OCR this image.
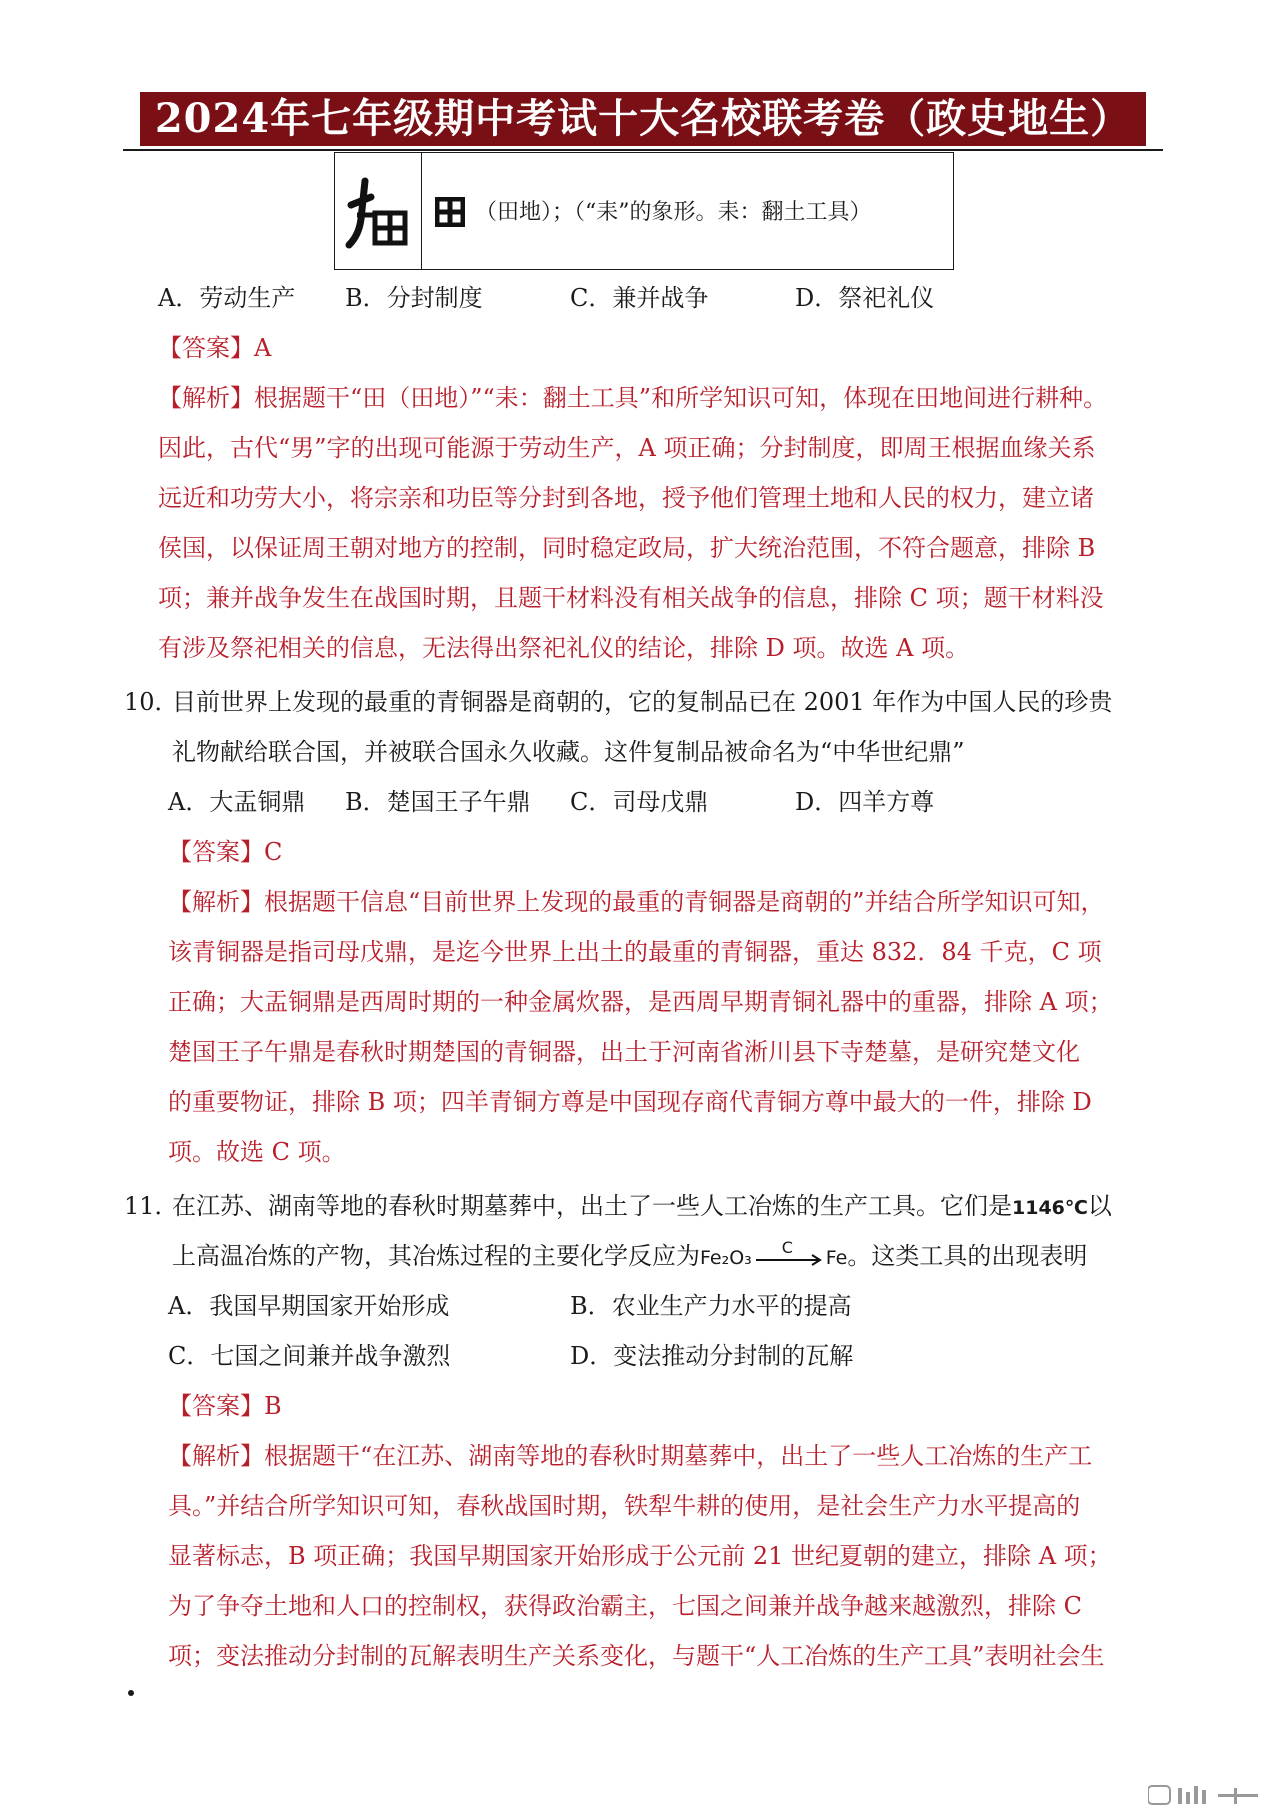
2024年七年级期中考试十大名校联考卷（政史地生）
（田地）；（“耒”的象形。耒：翻土工具）
A．劳动生产 B．分封制度	C．兼并战争	D．祭祀礼仪
【答案】A
【解析】根据题干“田（田地）”“耒：翻土工具”和所学知识可知，体现在田地间进行耕种。
因此，古代“男”字的出现可能源于劳动生产，A 项正确；分封制度，即周王根据血缘关系
远近和功劳大小，将宗亲和功臣等分封到各地，授予他们管理土地和人民的权力，建立诸
侯国，以保证周王朝对地方的控制，同时稳定政局，扩大统治范围，不符合题意，排除 B
项；兼并战争发生在战国时期，且题干材料没有相关战争的信息，排除 C 项；题干材料没
有涉及祭祀相关的信息，无法得出祭祀礼仪的结论，排除 D 项。故选 A 项。
10．
目前世界上发现的最重的青铜器是商朝的，它的复制品已在 2001 年作为中国人民的珍贵
礼物献给联合国，并被联合国永久收藏。这件复制品被命名为“中华世纪鼎”
A．大盂铜鼎 B．楚国王子午鼎 C．司母戊鼎	D．四羊方尊
【答案】C
【解析】根据题干信息“目前世界上发现的最重的青铜器是商朝的”并结合所学知识可知，
该青铜器是指司母戊鼎，是迄今世界上出土的最重的青铜器，重达 832．84 千克，C 项
正确；大盂铜鼎是西周时期的一种金属炊器，是西周早期青铜礼器中的重器，排除 A 项；
楚国王子午鼎是春秋时期楚国的青铜器，出土于河南省淅川县下寺楚墓，是研究楚文化
的重要物证，排除 B 项；四羊青铜方尊是中国现存商代青铜方尊中最大的一件，排除 D
项。故选 C 项。
11．
在江苏、湖南等地的春秋时期墓葬中，出土了一些人工冶炼的生产工具。它们是1146℃以
上高温冶炼的产物，其冶炼过程的主要化学反应为Fe₂O₃ C Fe。这类工具的出现表明
A．我国早期国家开始形成	B．农业生产力水平的提高
C．七国之间兼并战争激烈	D．变法推动分封制的瓦解
【答案】B
【解析】根据题干“在江苏、湖南等地的春秋时期墓葬中，出土了一些人工冶炼的生产工
具。”并结合所学知识可知，春秋战国时期，铁犁牛耕的使用，是社会生产力水平提高的
显著标志，B 项正确；我国早期国家开始形成于公元前 21 世纪夏朝的建立，排除 A 项；
为了争夺土地和人口的控制权，获得政治霸主，七国之间兼并战争越来越激烈，排除 C
项；变法推动分封制的瓦解表明生产关系变化，与题干“人工冶炼的生产工具”表明社会生
